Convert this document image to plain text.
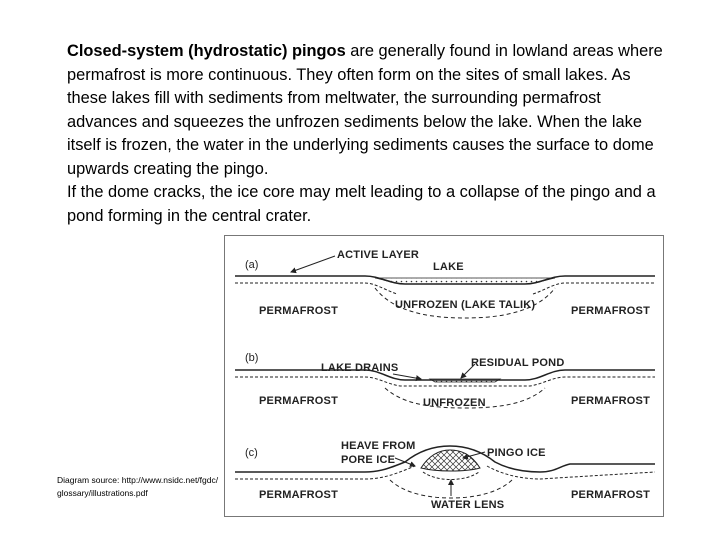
Closed-system (hydrostatic) pingos are generally found in lowland areas where permafrost is more continuous. They often form on the sites of small lakes. As these lakes fill with sediments from meltwater, the surrounding permafrost advances and squeezes the unfrozen sediments below the lake. When the lake itself is frozen, the water in the underlying sediments causes the surface to dome upwards creating the pingo.

If the dome cracks, the ice core may melt leading to a collapse of the pingo and a pond forming in the central crater.

Diagram source: http://www.nsidc.net/fgdc/glossary/illustrations.pdf
(a)
ACTIVE LAYER
LAKE
PERMAFROST	UNFROZEN (LAKE TALIK)	PERMAFROST
(b)
LAKE DRAINS	RESIDUAL POND
PERMAFROST	UNFROZEN	PERMAFROST
(c)
HEAVE FROM
PORE ICE
PINGO ICE
PERMAFROST
WATER LENS
PERMAFROST
